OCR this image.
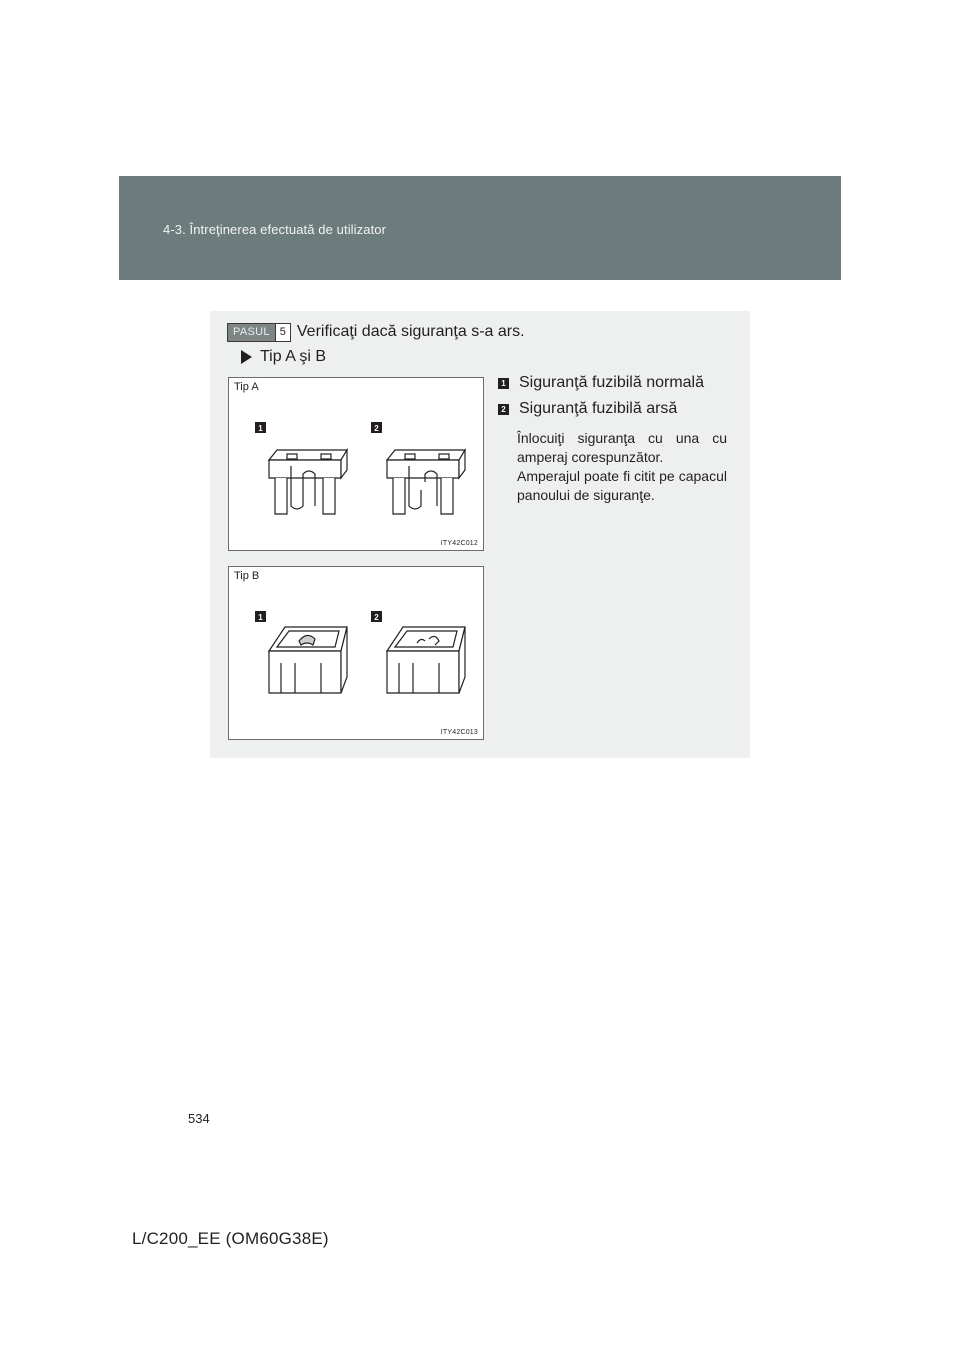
4-3. Întreţinerea efectuată de utilizator
PASUL 5 Verificaţi dacă siguranţa s-a ars.
Tip A şi B
1	2
Tip A
ITY42C012
1	2
Tip B
ITY42C013
1 Siguranţă fuzibilă normală
2 Siguranţă fuzibilă arsă

Înlocuiţi siguranţa cu una cu amperaj corespunzător.

Amperajul poate fi citit pe capacul panoului de siguranţe.

534
L/C200_EE (OM60G38E)
